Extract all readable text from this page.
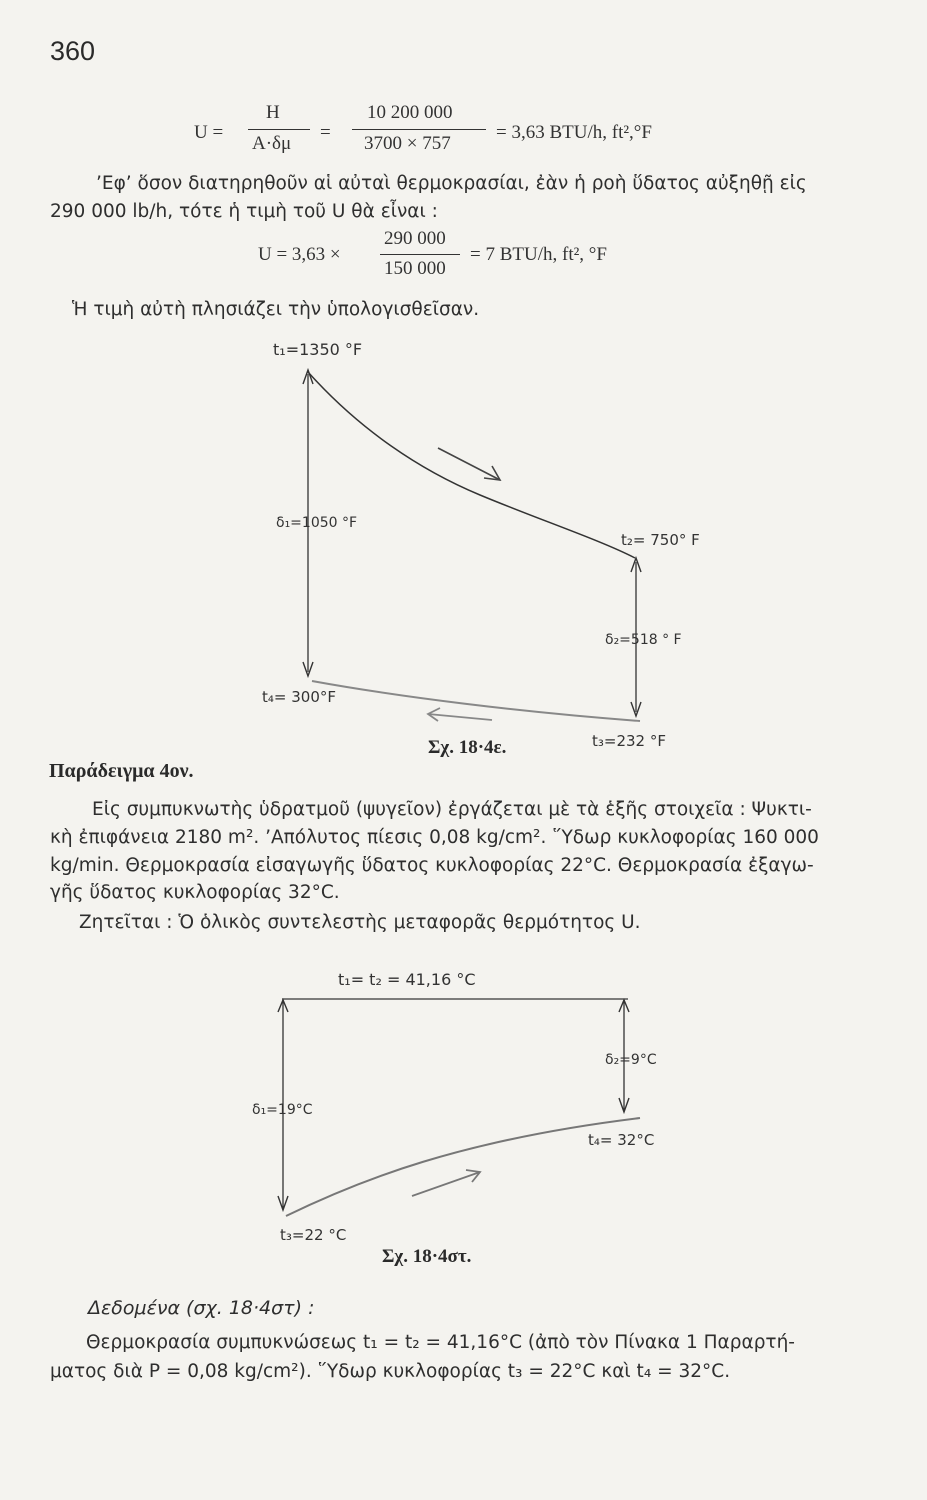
360
U =
H
A·δμ
=
10 200 000
3700 × 757
= 3,63 BTU/h, ft²,°F
’Εφ’ ὅσον διατηρηθοῦν αἱ αὐταὶ θερμοκρασίαι, ἐὰν ἡ ροὴ ὕδατος αὐξηθῇ εἰς
290 000 lb/h, τότε ἡ τιμὴ τοῦ U θὰ εἶναι :
U = 3,63 ×
290 000
150 000
= 7 BTU/h, ft², °F
Ἡ τιμὴ αὐτὴ πλησιάζει τὴν ὑπολογισθεῖσαν.
t₁=1350 °F
δ₁=1050 °F
t₂= 750° F
δ₂=518 ° F
t₄= 300°F
t₃=232 °F
Σχ. 18·4ε.
Παράδειγμα 4ον.
Εἰς συμπυκνωτὴς ὑδρατμοῦ (ψυγεῖον) ἐργάζεται μὲ τὰ ἑξῆς στοιχεῖα : Ψυκτι-
κὴ ἐπιφάνεια 2180 m². ’Απόλυτος πίεσις 0,08 kg/cm². ῞Υδωρ κυκλοφορίας 160 000
kg/min. Θερμοκρασία εἰσαγωγῆς ὕδατος κυκλοφορίας 22°C. Θερμοκρασία ἐξαγω-
γῆς ὕδατος κυκλοφορίας 32°C.
Ζητεῖται : Ὁ ὁλικὸς συντελεστὴς μεταφορᾶς θερμότητος U.
t₁= t₂ = 41,16 °C
δ₂=9°C
δ₁=19°C
t₄= 32°C
t₃=22 °C
Σχ. 18·4στ.
Δεδομένα (σχ. 18·4στ) :
Θερμοκρασία συμπυκνώσεως t₁ = t₂ = 41,16°C (ἀπὸ τὸν Πίνακα 1 Παραρτή-
ματος διὰ P = 0,08 kg/cm²). ῞Υδωρ κυκλοφορίας t₃ = 22°C καὶ t₄ = 32°C.
